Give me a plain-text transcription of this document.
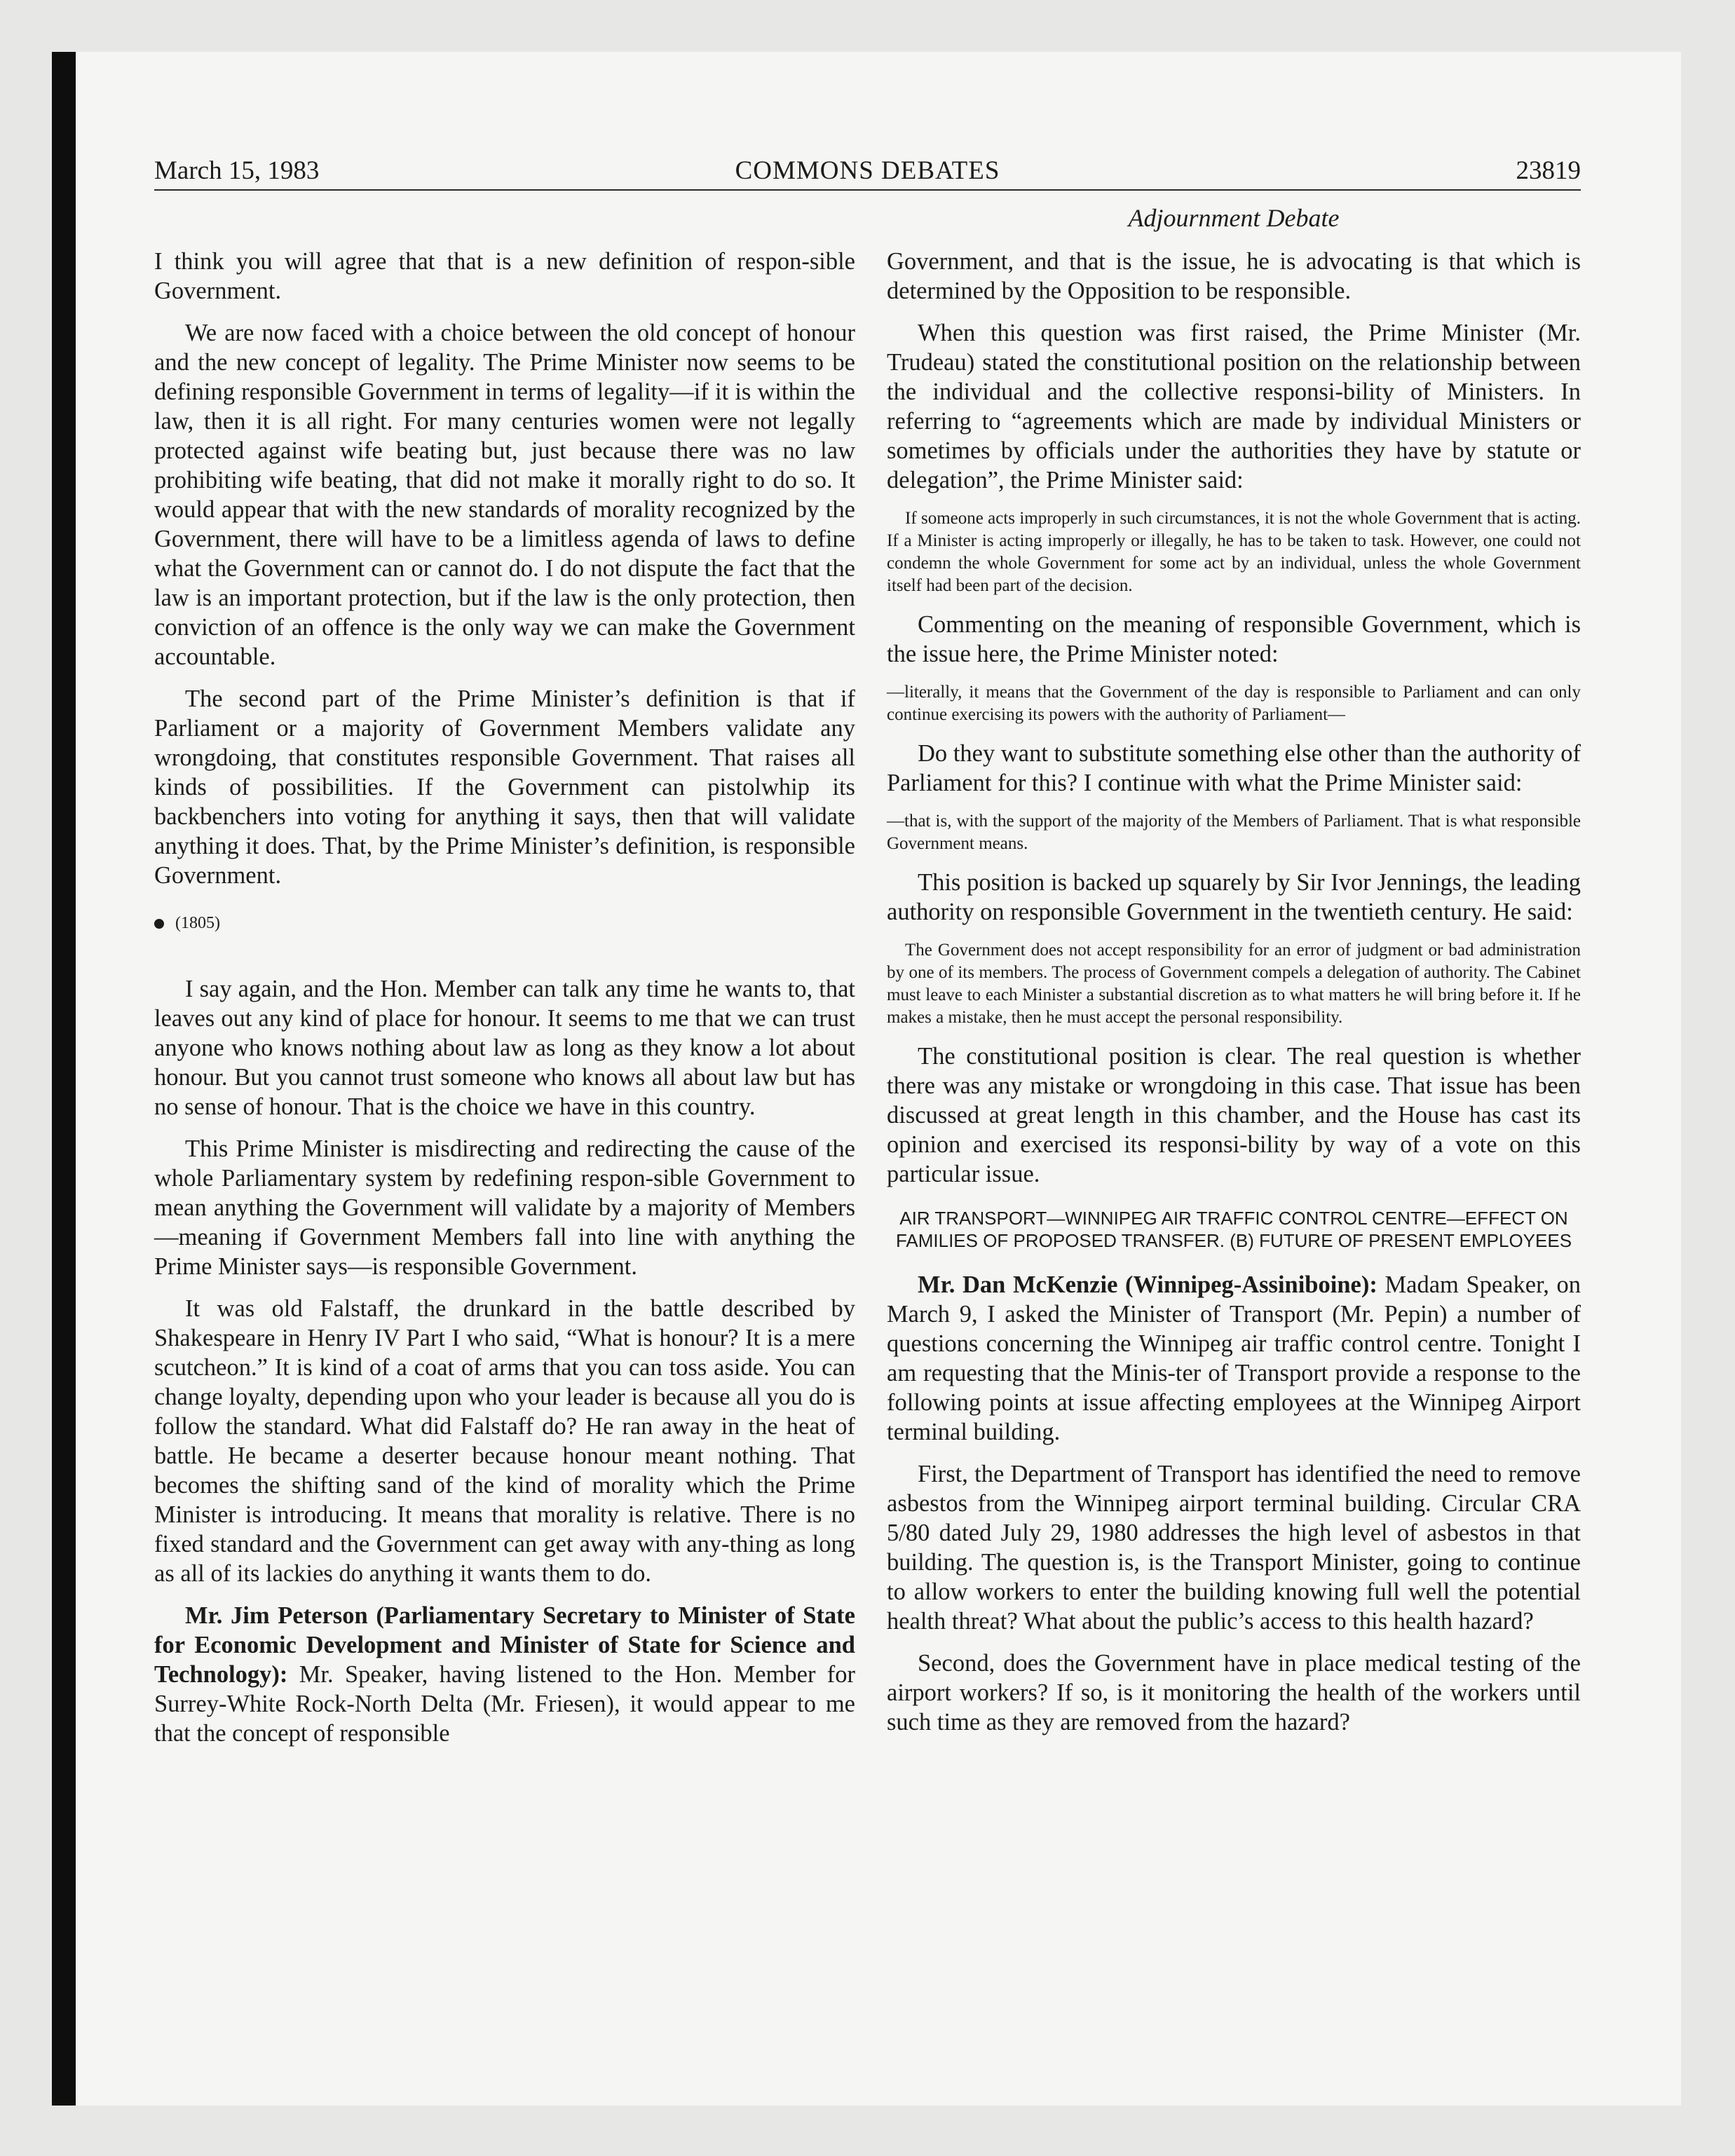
March 15, 1983	COMMONS DEBATES	23819
Adjournment Debate

I think you will agree that that is a new definition of respon-sible Government.

We are now faced with a choice between the old concept of honour and the new concept of legality. The Prime Minister now seems to be defining responsible Government in terms of legality—if it is within the law, then it is all right. For many centuries women were not legally protected against wife beating but, just because there was no law prohibiting wife beating, that did not make it morally right to do so. It would appear that with the new standards of morality recognized by the Government, there will have to be a limitless agenda of laws to define what the Government can or cannot do. I do not dispute the fact that the law is an important protection, but if the law is the only protection, then conviction of an offence is the only way we can make the Government accountable.

The second part of the Prime Minister’s definition is that if Parliament or a majority of Government Members validate any wrongdoing, that constitutes responsible Government. That raises all kinds of possibilities. If the Government can pistolwhip its backbenchers into voting for anything it says, then that will validate anything it does. That, by the Prime Minister’s definition, is responsible Government.

(1805)

I say again, and the Hon. Member can talk any time he wants to, that leaves out any kind of place for honour. It seems to me that we can trust anyone who knows nothing about law as long as they know a lot about honour. But you cannot trust someone who knows all about law but has no sense of honour. That is the choice we have in this country.

This Prime Minister is misdirecting and redirecting the cause of the whole Parliamentary system by redefining respon-sible Government to mean anything the Government will validate by a majority of Members—meaning if Government Members fall into line with anything the Prime Minister says—is responsible Government.

It was old Falstaff, the drunkard in the battle described by Shakespeare in Henry IV Part I who said, “What is honour? It is a mere scutcheon.” It is kind of a coat of arms that you can toss aside. You can change loyalty, depending upon who your leader is because all you do is follow the standard. What did Falstaff do? He ran away in the heat of battle. He became a deserter because honour meant nothing. That becomes the shifting sand of the kind of morality which the Prime Minister is introducing. It means that morality is relative. There is no fixed standard and the Government can get away with any-thing as long as all of its lackies do anything it wants them to do.

Mr. Jim Peterson (Parliamentary Secretary to Minister of State for Economic Development and Minister of State for Science and Technology): Mr. Speaker, having listened to the Hon. Member for Surrey-White Rock-North Delta (Mr. Friesen), it would appear to me that the concept of responsible

Government, and that is the issue, he is advocating is that which is determined by the Opposition to be responsible.

When this question was first raised, the Prime Minister (Mr. Trudeau) stated the constitutional position on the relationship between the individual and the collective responsi-bility of Ministers. In referring to “agreements which are made by individual Ministers or sometimes by officials under the authorities they have by statute or delegation”, the Prime Minister said:

If someone acts improperly in such circumstances, it is not the whole Government that is acting. If a Minister is acting improperly or illegally, he has to be taken to task. However, one could not condemn the whole Government for some act by an individual, unless the whole Government itself had been part of the decision.

Commenting on the meaning of responsible Government, which is the issue here, the Prime Minister noted:

—literally, it means that the Government of the day is responsible to Parliament and can only continue exercising its powers with the authority of Parliament—

Do they want to substitute something else other than the authority of Parliament for this? I continue with what the Prime Minister said:

—that is, with the support of the majority of the Members of Parliament. That is what responsible Government means.

This position is backed up squarely by Sir Ivor Jennings, the leading authority on responsible Government in the twentieth century. He said:

The Government does not accept responsibility for an error of judgment or bad administration by one of its members. The process of Government compels a delegation of authority. The Cabinet must leave to each Minister a substantial discretion as to what matters he will bring before it. If he makes a mistake, then he must accept the personal responsibility.

The constitutional position is clear. The real question is whether there was any mistake or wrongdoing in this case. That issue has been discussed at great length in this chamber, and the House has cast its opinion and exercised its responsi-bility by way of a vote on this particular issue.

AIR TRANSPORT—WINNIPEG AIR TRAFFIC CONTROL CENTRE—EFFECT ON FAMILIES OF PROPOSED TRANSFER. (B) FUTURE OF PRESENT EMPLOYEES

Mr. Dan McKenzie (Winnipeg-Assiniboine): Madam Speaker, on March 9, I asked the Minister of Transport (Mr. Pepin) a number of questions concerning the Winnipeg air traffic control centre. Tonight I am requesting that the Minis-ter of Transport provide a response to the following points at issue affecting employees at the Winnipeg Airport terminal building.

First, the Department of Transport has identified the need to remove asbestos from the Winnipeg airport terminal building. Circular CRA 5/80 dated July 29, 1980 addresses the high level of asbestos in that building. The question is, is the Transport Minister, going to continue to allow workers to enter the building knowing full well the potential health threat? What about the public’s access to this health hazard?

Second, does the Government have in place medical testing of the airport workers? If so, is it monitoring the health of the workers until such time as they are removed from the hazard?
